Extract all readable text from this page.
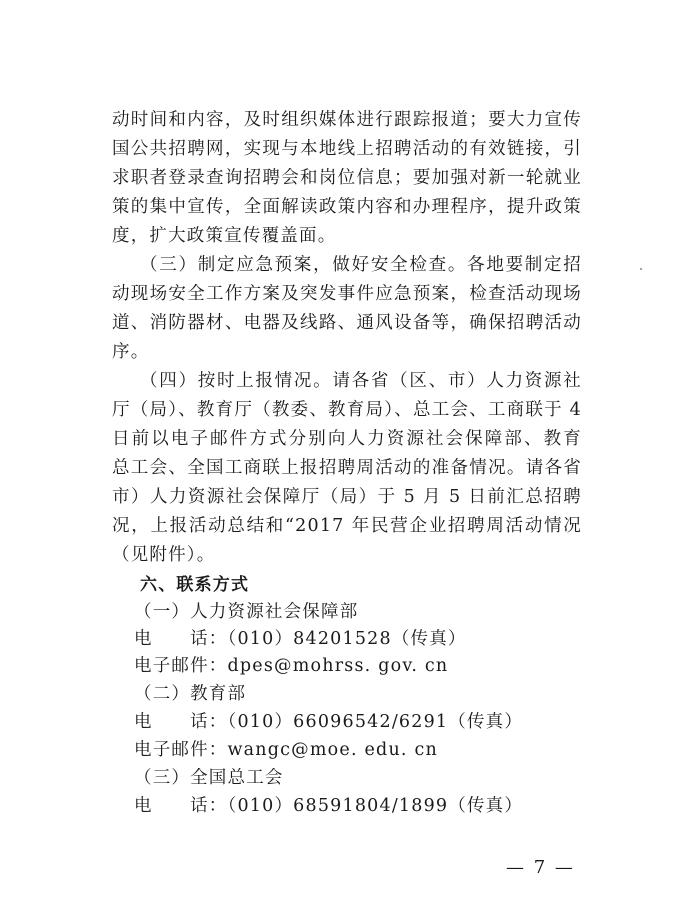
动时间和内容，及时组织媒体进行跟踪报道；要大力宣传
国公共招聘网，实现与本地线上招聘活动的有效链接，引
求职者登录查询招聘会和岗位信息；要加强对新一轮就业
策的集中宣传，全面解读政策内容和办理程序，提升政策
度，扩大政策宣传覆盖面。
（三）制定应急预案，做好安全检查。各地要制定招
动现场安全工作方案及突发事件应急预案，检查活动现场
道、消防器材、电器及线路、通风设备等，确保招聘活动
序。
（四）按时上报情况。请各省（区、市）人力资源社
厅（局）、教育厅（教委、教育局）、总工会、工商联于 4
日前以电子邮件方式分别向人力资源社会保障部、教育
总工会、全国工商联上报招聘周活动的准备情况。请各省
市）人力资源社会保障厅（局）于 5 月 5 日前汇总招聘
况，上报活动总结和“2017 年民营企业招聘周活动情况
（见附件）。
六、联系方式
（一）人力资源社会保障部
电　　话：（010）84201528（传真）
电子邮件：dpes@mohrss. gov. cn
（二）教育部
电　　话：（010）66096542/6291（传真）
电子邮件：wangc@moe. edu. cn
（三）全国总工会
电　　话：（010）68591804/1899（传真）
— 7 —
